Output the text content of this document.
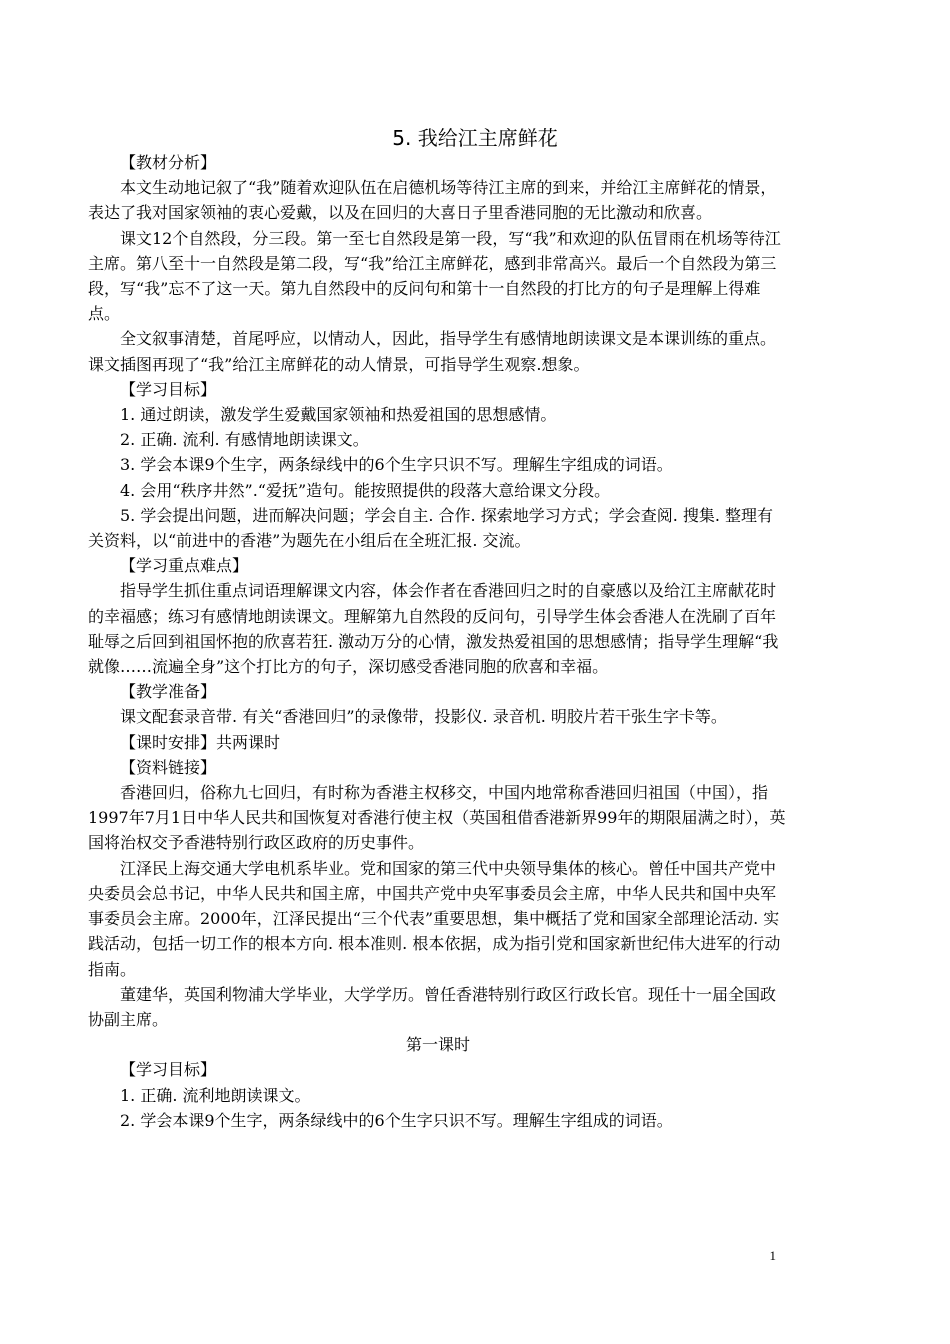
5. 我给江主席鲜花

【教材分析】

本文生动地记叙了“我”随着欢迎队伍在启德机场等待江主席的到来，并给江主席鲜花的情景，表达了我对国家领袖的衷心爱戴，以及在回归的大喜日子里香港同胞的无比激动和欣喜。

课文12个自然段，分三段。第一至七自然段是第一段，写“我”和欢迎的队伍冒雨在机场等待江主席。第八至十一自然段是第二段，写“我”给江主席鲜花，感到非常高兴。最后一个自然段为第三段，写“我”忘不了这一天。第九自然段中的反问句和第十一自然段的打比方的句子是理解上得难点。

全文叙事清楚，首尾呼应，以情动人，因此，指导学生有感情地朗读课文是本课训练的重点。课文插图再现了“我”给江主席鲜花的动人情景，可指导学生观察.想象。

【学习目标】

1. 通过朗读，激发学生爱戴国家领袖和热爱祖国的思想感情。

2. 正确. 流利. 有感情地朗读课文。

3. 学会本课9个生字，两条绿线中的6个生字只识不写。理解生字组成的词语。

4. 会用“秩序井然”.“爱抚”造句。能按照提供的段落大意给课文分段。

5. 学会提出问题，进而解决问题；学会自主. 合作. 探索地学习方式；学会查阅. 搜集. 整理有关资料，以“前进中的香港”为题先在小组后在全班汇报. 交流。

【学习重点难点】

指导学生抓住重点词语理解课文内容，体会作者在香港回归之时的自豪感以及给江主席献花时的幸福感；练习有感情地朗读课文。理解第九自然段的反问句，引导学生体会香港人在洗刷了百年耻辱之后回到祖国怀抱的欣喜若狂. 激动万分的心情，激发热爱祖国的思想感情；指导学生理解“我就像……流遍全身”这个打比方的句子，深切感受香港同胞的欣喜和幸福。

【教学准备】

课文配套录音带. 有关“香港回归”的录像带，投影仪. 录音机. 明胶片若干张生字卡等。

【课时安排】共两课时

【资料链接】

香港回归，俗称九七回归，有时称为香港主权移交，中国内地常称香港回归祖国（中国），指1997年7月1日中华人民共和国恢复对香港行使主权（英国租借香港新界99年的期限届满之时），英国将治权交予香港特别行政区政府的历史事件。

江泽民上海交通大学电机系毕业。党和国家的第三代中央领导集体的核心。曾任中国共产党中央委员会总书记，中华人民共和国主席，中国共产党中央军事委员会主席，中华人民共和国中央军事委员会主席。2000年，江泽民提出“三个代表”重要思想，集中概括了党和国家全部理论活动. 实践活动，包括一切工作的根本方向. 根本准则. 根本依据，成为指引党和国家新世纪伟大进军的行动指南。

董建华，英国利物浦大学毕业，大学学历。曾任香港特别行政区行政长官。现任十一届全国政协副主席。

第一课时

【学习目标】

1. 正确. 流利地朗读课文。

2. 学会本课9个生字，两条绿线中的6个生字只识不写。理解生字组成的词语。

1
